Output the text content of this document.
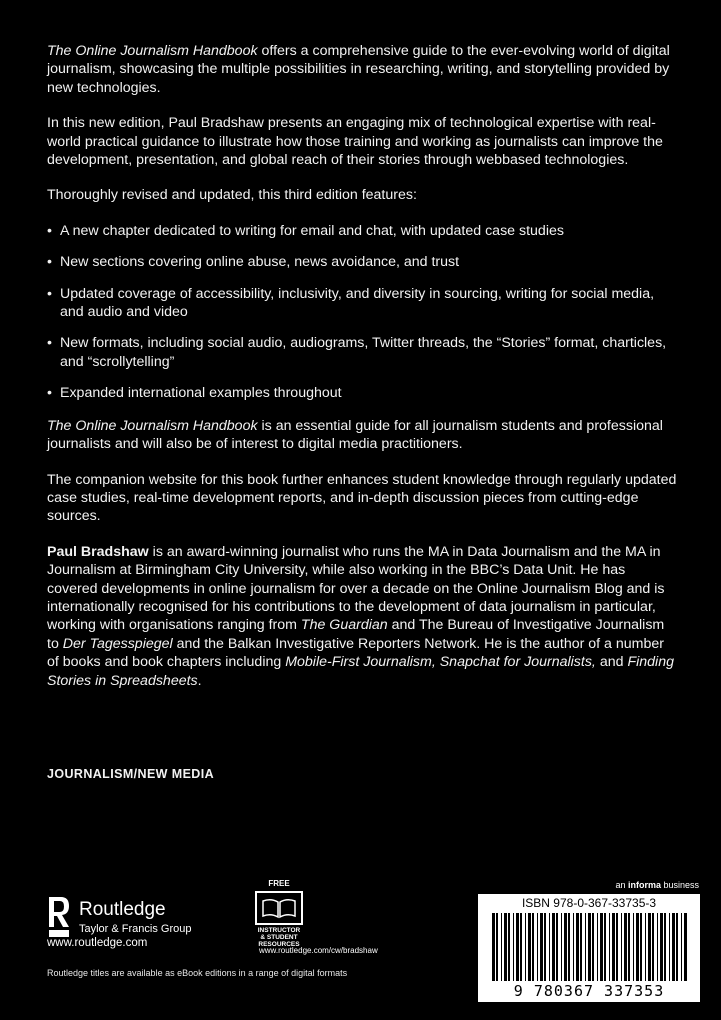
The Online Journalism Handbook offers a comprehensive guide to the ever-evolving world of digital journalism, showcasing the multiple possibilities in researching, writing, and storytelling provided by new technologies.

In this new edition, Paul Bradshaw presents an engaging mix of technological expertise with real-world practical guidance to illustrate how those training and working as journalists can improve the development, presentation, and global reach of their stories through webbased technologies.

Thoroughly revised and updated, this third edition features:

• A new chapter dedicated to writing for email and chat, with updated case studies
• New sections covering online abuse, news avoidance, and trust
• Updated coverage of accessibility, inclusivity, and diversity in sourcing, writing for social media, and audio and video
• New formats, including social audio, audiograms, Twitter threads, the “Stories” format, charticles, and “scrollytelling”
• Expanded international examples throughout

The Online Journalism Handbook is an essential guide for all journalism students and professional journalists and will also be of interest to digital media practitioners.

The companion website for this book further enhances student knowledge through regularly updated case studies, real-time development reports, and in-depth discussion pieces from cutting-edge sources.

Paul Bradshaw is an award-winning journalist who runs the MA in Data Journalism and the MA in Journalism at Birmingham City University, while also working in the BBC’s Data Unit. He has covered developments in online journalism for over a decade on the Online Journalism Blog and is internationally recognised for his contributions to the development of data journalism in particular, working with organisations ranging from The Guardian and The Bureau of Investigative Journalism to Der Tagesspiegel and the Balkan Investigative Reporters Network. He is the author of a number of books and book chapters including Mobile-First Journalism, Snapchat for Journalists, and Finding Stories in Spreadsheets.

JOURNALISM/NEW MEDIA
Routledge
Taylor & Francis Group
www.routledge.com
FREE
INSTRUCTOR
& STUDENT
RESOURCES
www.routledge.com/cw/bradshaw
Routledge titles are available as eBook editions in a range of digital formats
an informa business
ISBN 978-0-367-33735-3
9 780367 337353
